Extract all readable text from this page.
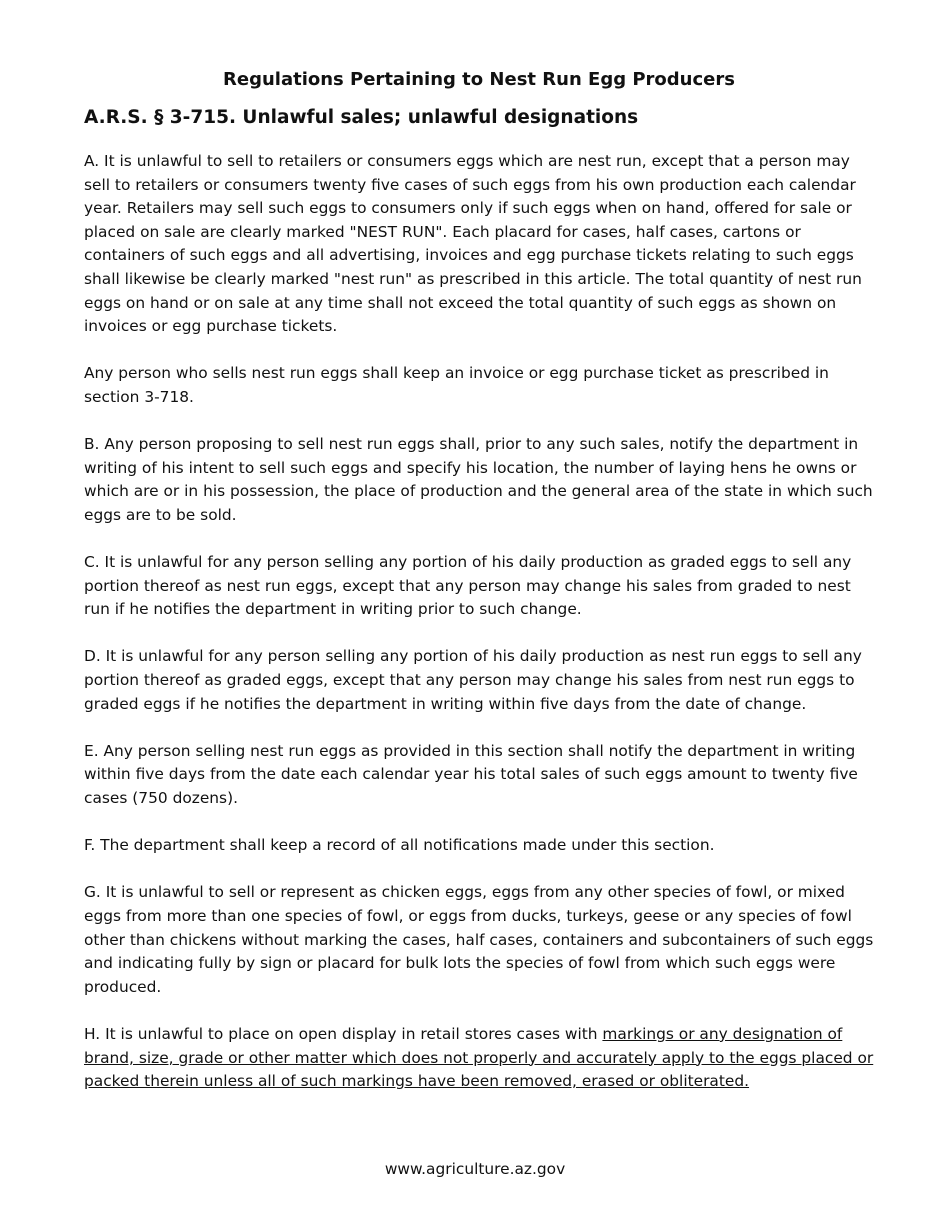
Regulations Pertaining to Nest Run Egg Producers
A.R.S. § 3-715. Unlawful sales; unlawful designations

A. It is unlawful to sell to retailers or consumers eggs which are nest run, except that a person may sell to retailers or consumers twenty five cases of such eggs from his own production each calendar year. Retailers may sell such eggs to consumers only if such eggs when on hand, offered for sale or placed on sale are clearly marked "NEST RUN". Each placard for cases, half cases, cartons or containers of such eggs and all advertising, invoices and egg purchase tickets relating to such eggs shall likewise be clearly marked "nest run" as prescribed in this article. The total quantity of nest run eggs on hand or on sale at any time shall not exceed the total quantity of such eggs as shown on invoices or egg purchase tickets.

Any person who sells nest run eggs shall keep an invoice or egg purchase ticket as prescribed in section 3-718.

B. Any person proposing to sell nest run eggs shall, prior to any such sales, notify the department in writing of his intent to sell such eggs and specify his location, the number of laying hens he owns or which are or in his possession, the place of production and the general area of the state in which such eggs are to be sold.

C. It is unlawful for any person selling any portion of his daily production as graded eggs to sell any portion thereof as nest run eggs, except that any person may change his sales from graded to nest run if he notifies the department in writing prior to such change.

D. It is unlawful for any person selling any portion of his daily production as nest run eggs to sell any portion thereof as graded eggs, except that any person may change his sales from nest run eggs to graded eggs if he notifies the department in writing within five days from the date of change.

E. Any person selling nest run eggs as provided in this section shall notify the department in writing within five days from the date each calendar year his total sales of such eggs amount to twenty five cases (750 dozens).

F. The department shall keep a record of all notifications made under this section.

G. It is unlawful to sell or represent as chicken eggs, eggs from any other species of fowl, or mixed eggs from more than one species of fowl, or eggs from ducks, turkeys, geese or any species of fowl other than chickens without marking the cases, half cases, containers and subcontainers of such eggs and indicating fully by sign or placard for bulk lots the species of fowl from which such eggs were produced.

H. It is unlawful to place on open display in retail stores cases with markings or any designation of brand, size, grade or other matter which does not properly and accurately apply to the eggs placed or packed therein unless all of such markings have been removed, erased or obliterated.

www.agriculture.az.gov
